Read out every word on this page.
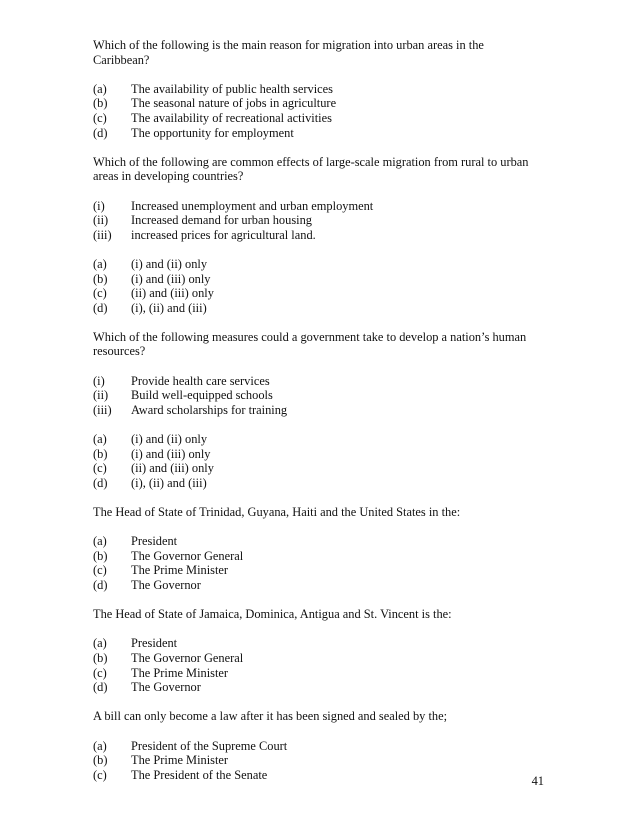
Which of the following is the main reason for migration into urban areas in the Caribbean?

(a)	The availability of public health services
(b)	The seasonal nature of jobs in agriculture
(c)	The availability of recreational activities
(d)	The opportunity for employment

Which of the following are common effects of large-scale migration from rural to urban areas in developing countries?

(i)	Increased unemployment and urban employment
(ii)	Increased demand for urban housing
(iii)	increased prices for agricultural land.
(a)	(i) and (ii) only
(b)	(i) and (iii) only
(c)	(ii) and (iii) only
(d)	(i), (ii) and (iii)

Which of the following measures could a government take to develop a nation’s human resources?

(i)	Provide health care services
(ii)	Build well-equipped schools
(iii)	Award scholarships for training
(a)	(i) and (ii) only
(b)	(i) and (iii) only
(c)	(ii) and (iii) only
(d)	(i), (ii) and (iii)

The Head of State of Trinidad, Guyana, Haiti and the United States in the:

(a)	President
(b)	The Governor General
(c)	The Prime Minister
(d)	The Governor

The Head of State of Jamaica, Dominica, Antigua and St. Vincent is the:

(a)	President
(b)	The Governor General
(c)	The Prime Minister
(d)	The Governor

A bill can only become a law after it has been signed and sealed by the;

(a)	President of the Supreme Court
(b)	The Prime Minister
(c)	The President of the Senate	41
